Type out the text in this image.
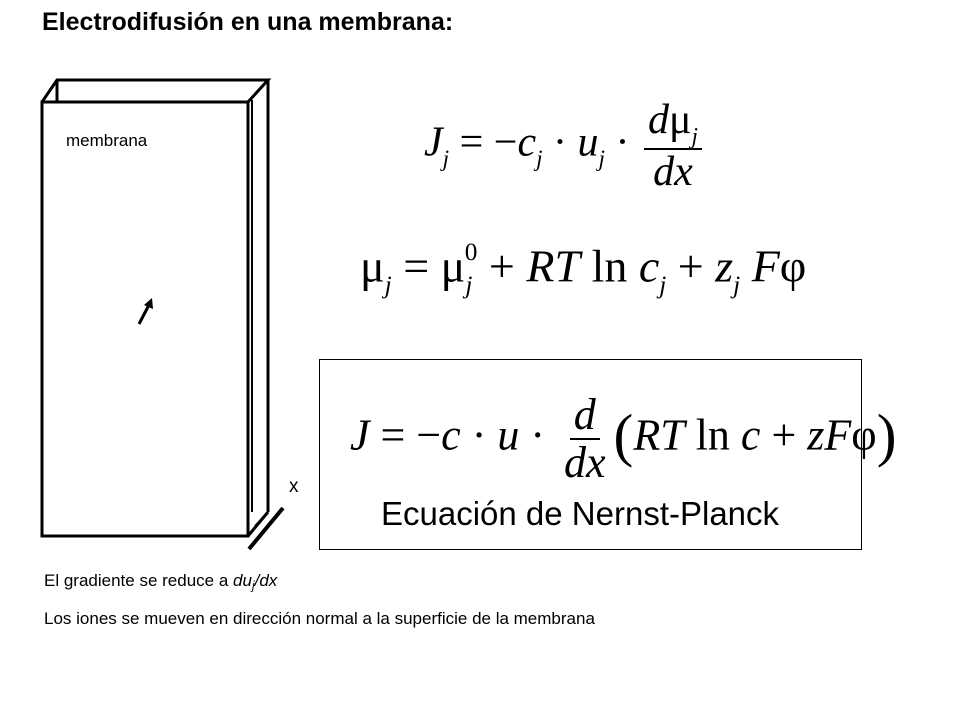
Electrodifusión en una membrana:
membrana
x
$J_j = -c_j \cdot u_j \cdot \frac{d\mu_j}{dx}$
$\mu_j = \mu_j^0$ + RT $\ln c_j + z_j$ Fφ
$J = -c \cdot u \cdot \frac{d}{dx} (RT$ ln c + zFφ)
Ecuación de Nernst-Planck
El gradiente se reduce a $du_j/dx$
Los iones se mueven en dirección normal a la superficie de la membrana
